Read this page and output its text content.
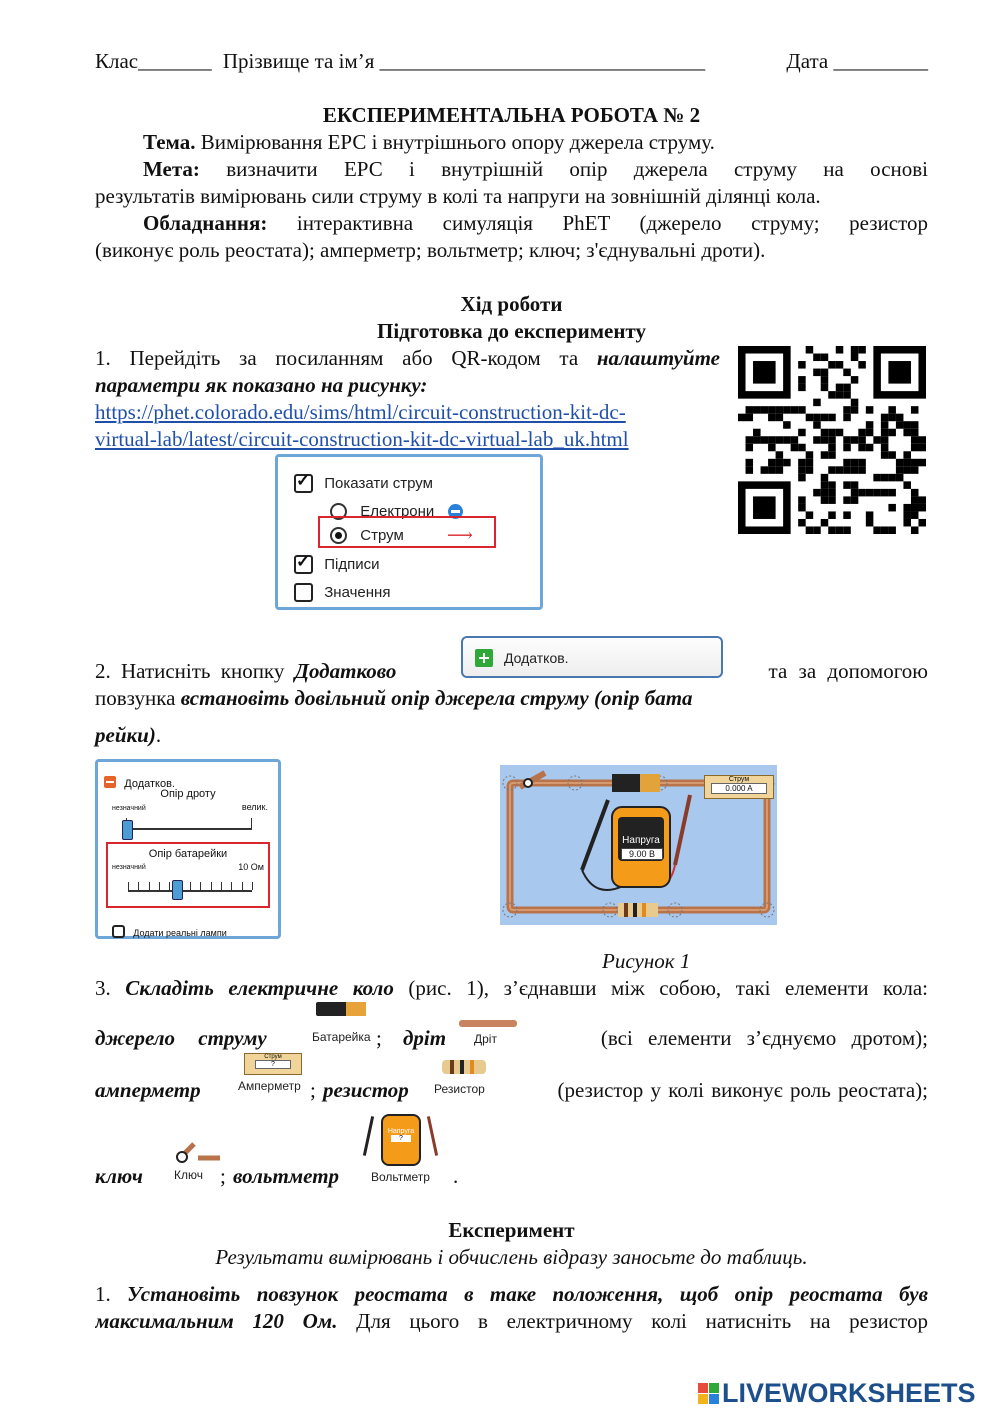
Клас_______ Прізвище та ім’я _______________________________	Дата _________
ЕКСПЕРИМЕНТАЛЬНА РОБОТА № 2
Тема. Вимірювання ЕРС і внутрішнього опору джерела струму.
Мета: визначити ЕРС і внутрішній опір джерела струму на основі
результатів вимірювань сили струму в колі та напруги на зовнішній ділянці кола.
Обладнання: інтерактивна симуляція PhET (джерело струму; резистор
(виконує роль реостата); амперметр; вольтметр; ключ; з'єднувальні дроти).
Хід роботи
Підготовка до експерименту
1. Перейдіть за посиланням або QR-кодом та налаштуйте
параметри як показано на рисунку:
https://phet.colorado.edu/sims/html/circuit-construction-kit-dc-
virtual-lab/latest/circuit-construction-kit-dc-virtual-lab_uk.html
✓ Показати струм
Електрони
Струм ⟶
✓ Підписи
Значення
2. Натисніть кнопку Додатково
Додатков.
та за допомогою
повзунка встановіть довільний опір джерела струму (опір бата
рейки).
Додатков.
Опір дроту
незначний	велик.
Опір батарейки
незначний	10 Ом
Додати реальні лампи
Струм
0.000 A
Напруга
9.00 В
Рисунок 1
3. Складіть електричне коло (рис. 1), з’єднавши між собою, такі елементи кола:
джерело струму	Батарейка ; дріт Дріт	(всі елементи з’єднуємо дротом);
амперметр
Струм
?
Амперметр ; резистор Резистор	(резистор у колі виконує роль реостата);
ключ	Ключ ; вольтметр
Напруга
?
Вольтметр .
Експеримент
Результати вимірювань і обчислень відразу заносьте до таблиць.
1. Установіть повзунок реостата в таке положення, щоб опір реостата був
максимальним 120 Ом. Для цього в електричному колі натисніть на резистор
LIVEWORKSHEETS
